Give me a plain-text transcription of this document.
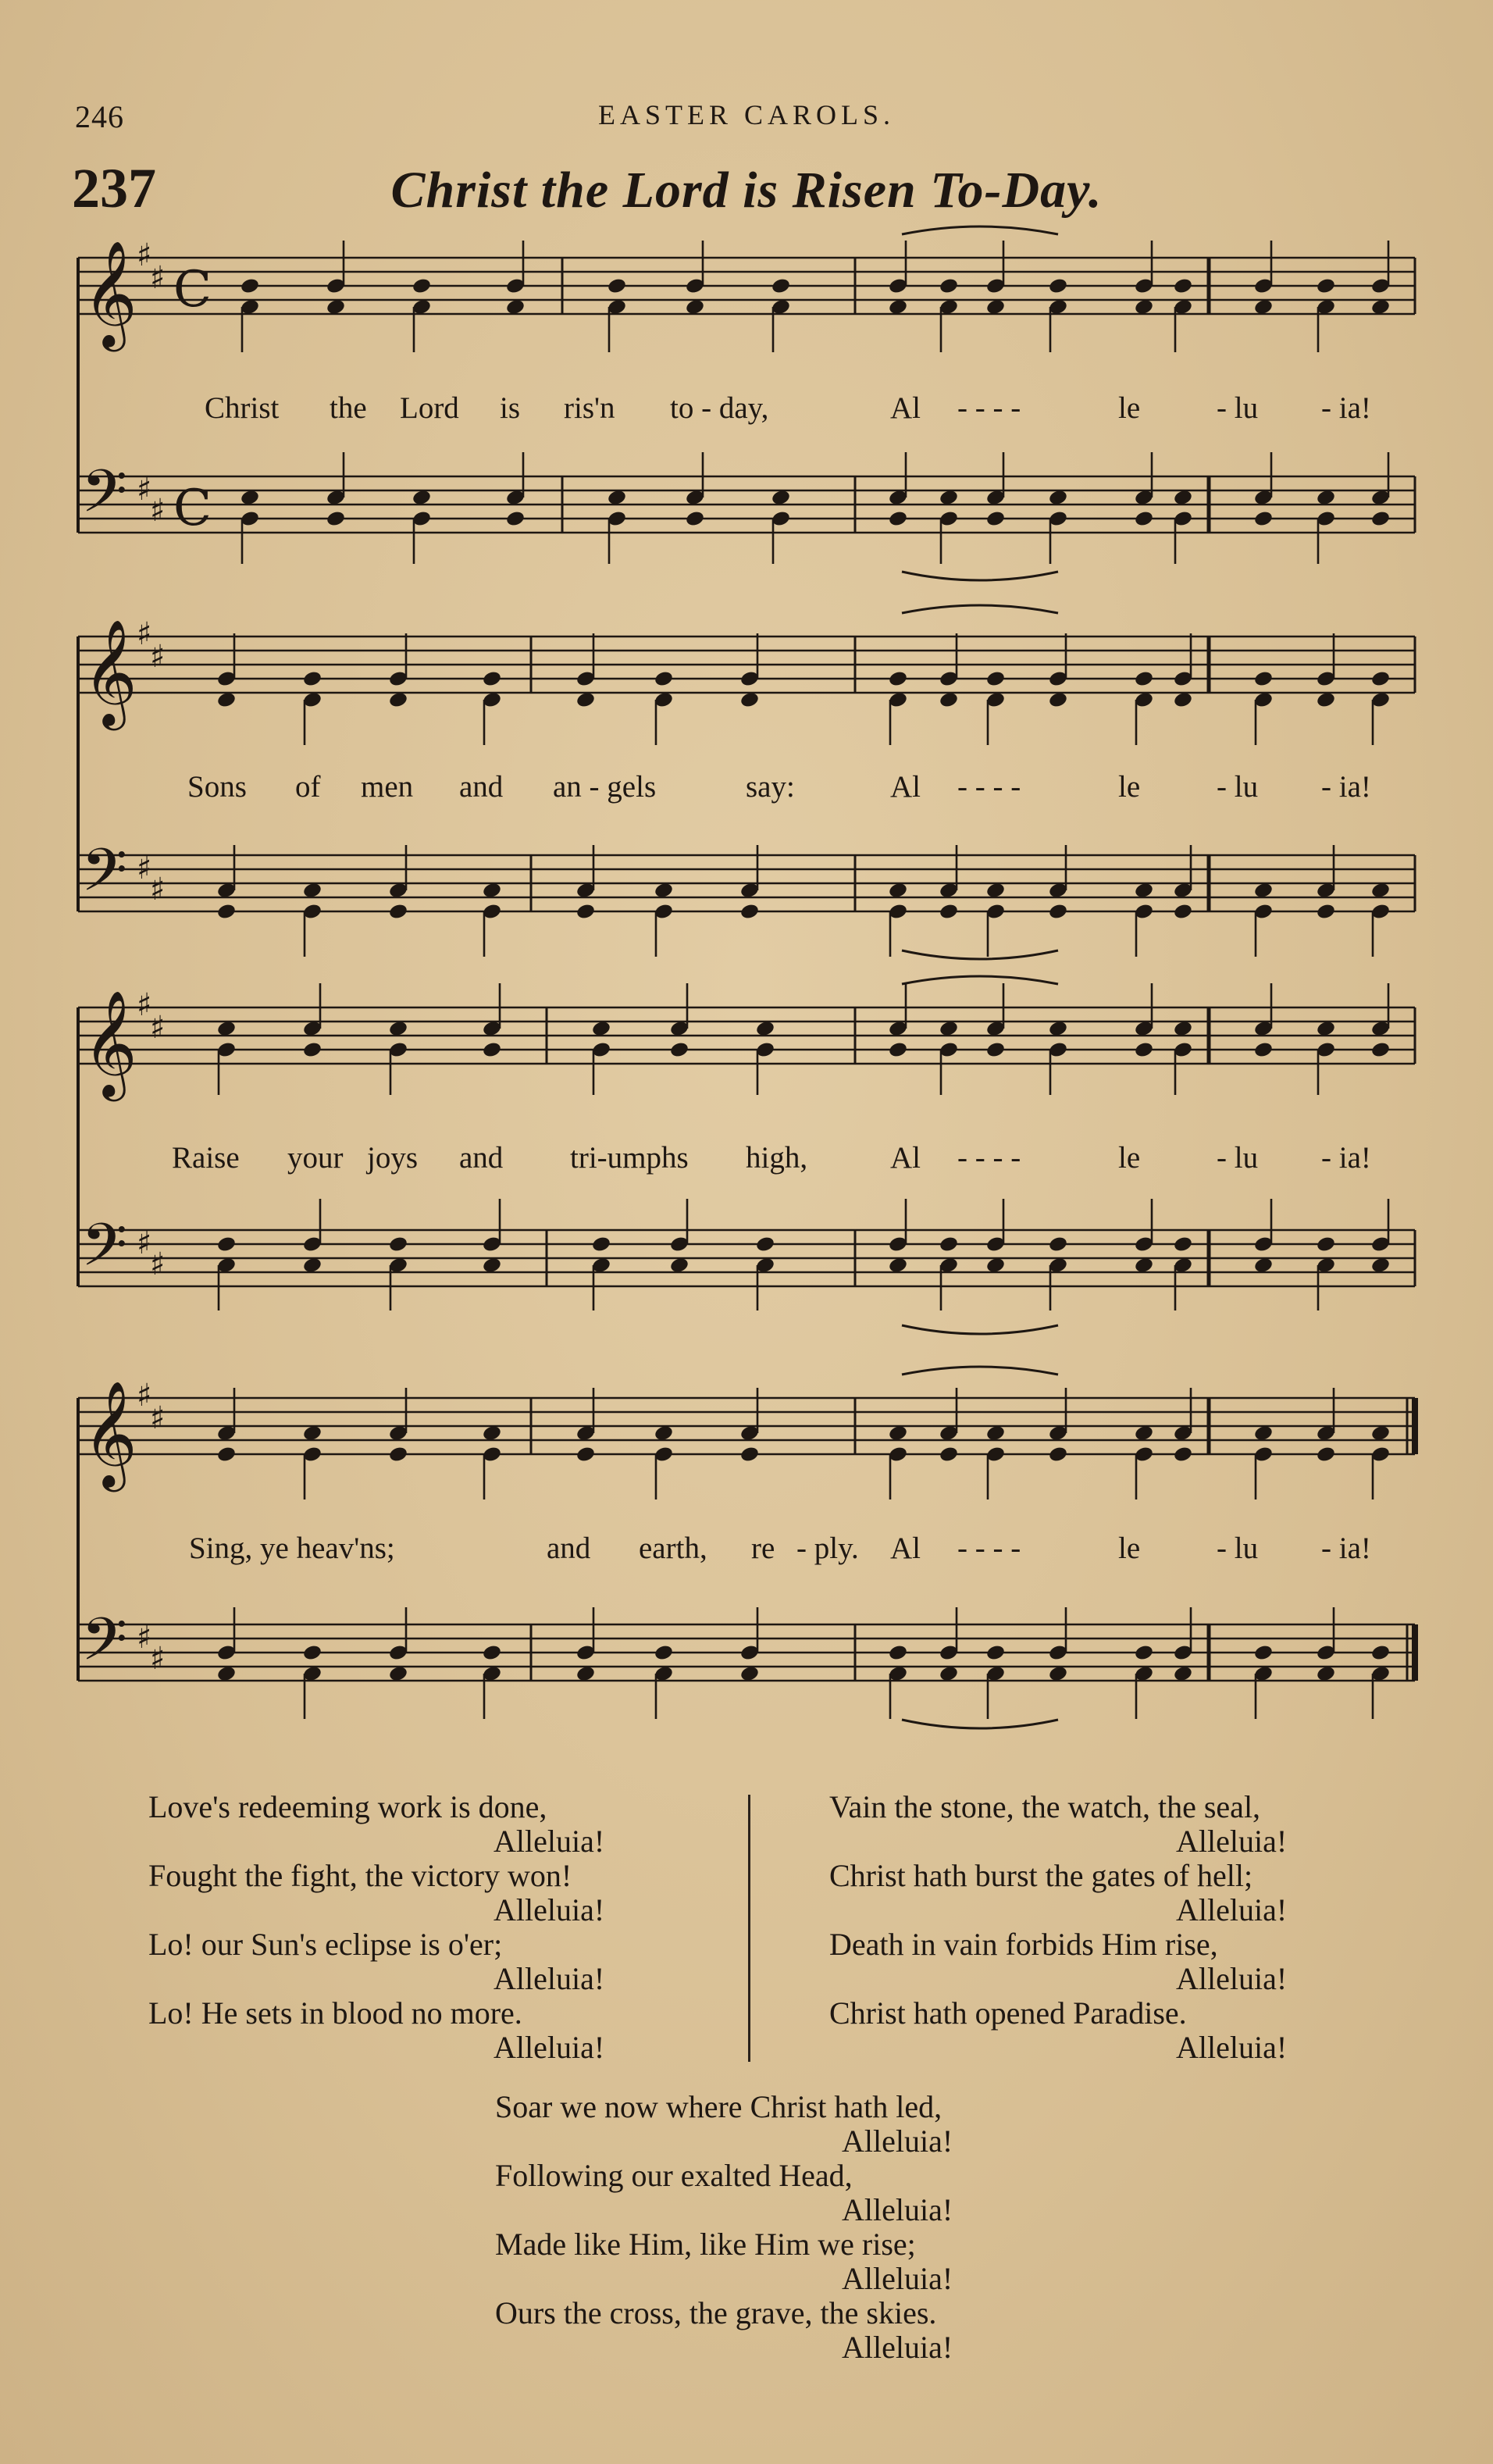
246	EASTER CAROLS.
237	Christ the Lord is Risen To-Day.
𝄞
𝄢
♯
♯
♯
♯
C
C
𝄞
𝄢
♯
♯
♯
♯
𝄞
𝄢
♯
♯
♯
♯
𝄞
𝄢
♯
♯
♯
♯
Christ the Lord is ris'n to - day,	Al - - - -	le	- lu - ia!
Sons of men and an - gels	say:	Al - - - -	le	- lu - ia!
Raise your joys and tri-umphs high,	Al - - - -	le	- lu - ia!
Sing, ye heav'ns;	and earth, re - ply. Al - - - -	le	- lu - ia!
Love's redeeming work is done,
Alleluia!
Fought the fight, the victory won!
Alleluia!
Lo! our Sun's eclipse is o'er;
Alleluia!
Lo! He sets in blood no more.
Alleluia!
Vain the stone, the watch, the seal,
Alleluia!
Christ hath burst the gates of hell;
Alleluia!
Death in vain forbids Him rise,
Alleluia!
Christ hath opened Paradise.
Alleluia!
Soar we now where Christ hath led,
Alleluia!
Following our exalted Head,
Alleluia!
Made like Him, like Him we rise;
Alleluia!
Ours the cross, the grave, the skies.
Alleluia!
